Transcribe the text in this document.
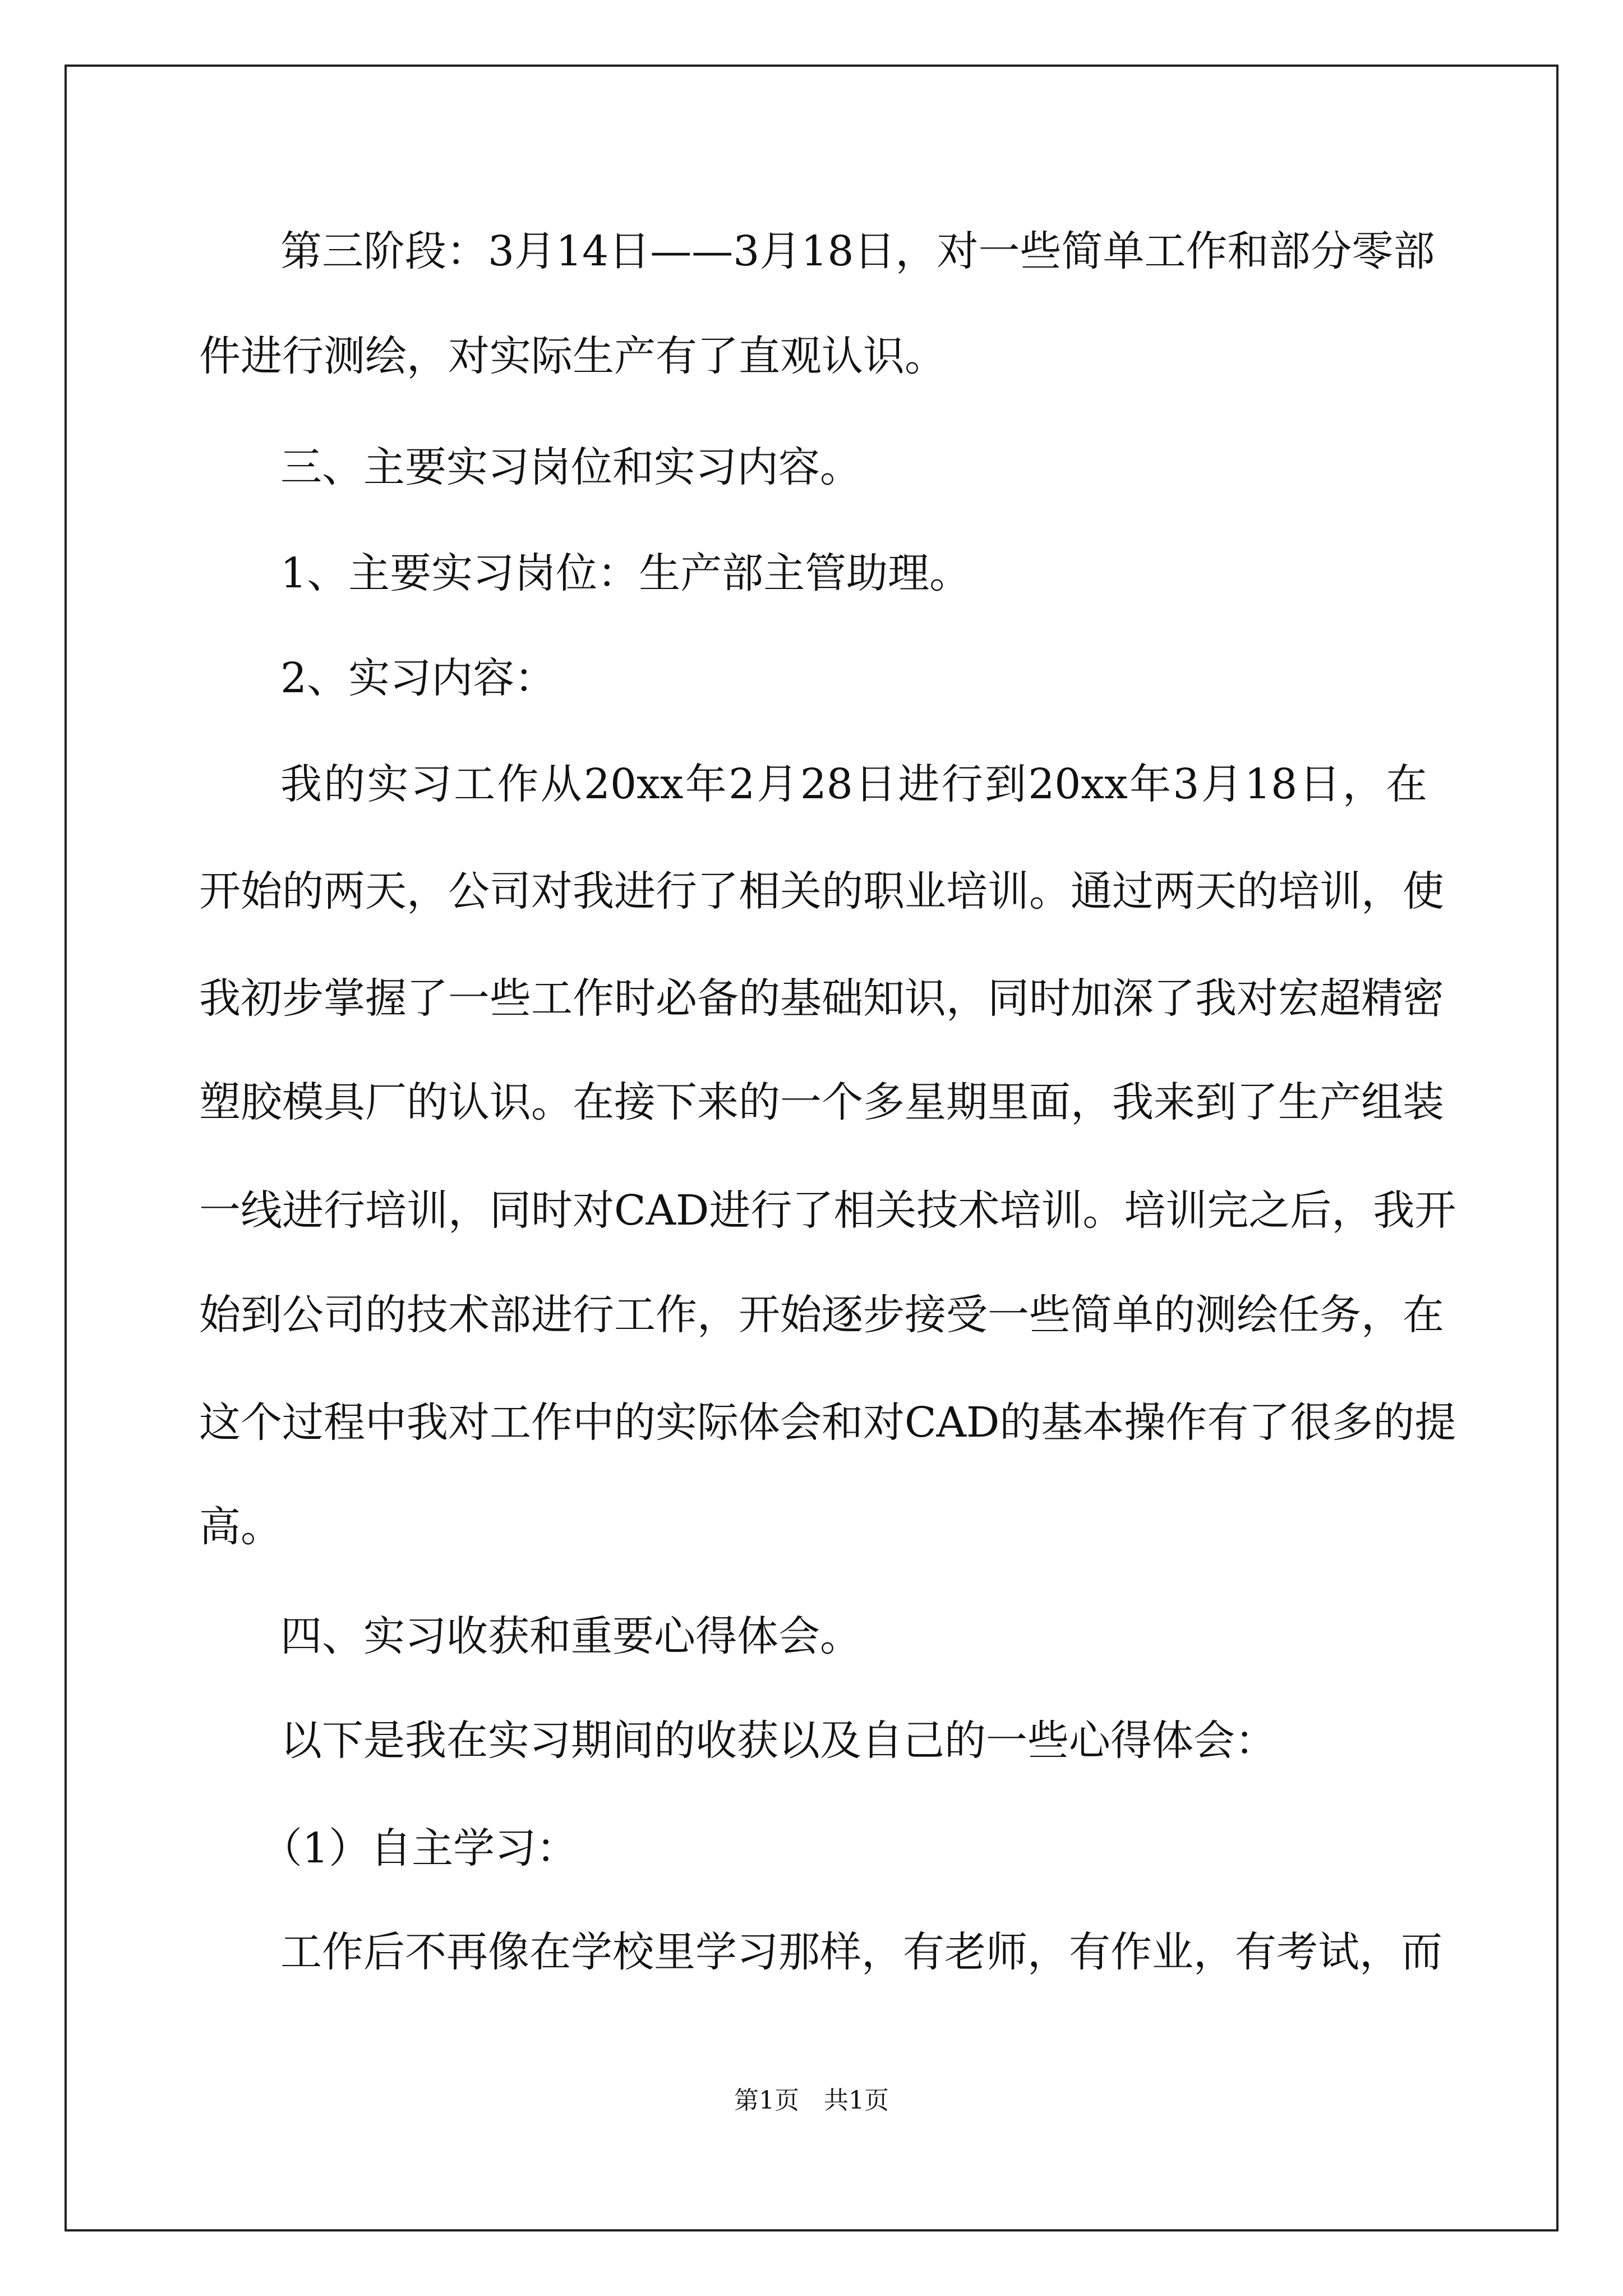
第三阶段：3月14日——3月18日，对一些简单工作和部分零部
件进行测绘，对实际生产有了直观认识。
三、主要实习岗位和实习内容。
1、主要实习岗位：生产部主管助理。
2、实习内容：
我的实习工作从20xx年2月28日进行到20xx年3月18日，在
开始的两天，公司对我进行了相关的职业培训。通过两天的培训，使
我初步掌握了一些工作时必备的基础知识，同时加深了我对宏超精密
塑胶模具厂的认识。在接下来的一个多星期里面，我来到了生产组装
一线进行培训，同时对CAD进行了相关技术培训。培训完之后，我开
始到公司的技术部进行工作，开始逐步接受一些简单的测绘任务，在
这个过程中我对工作中的实际体会和对CAD的基本操作有了很多的提
高。
四、实习收获和重要心得体会。
以下是我在实习期间的收获以及自己的一些心得体会：
（1）自主学习：
工作后不再像在学校里学习那样，有老师，有作业，有考试，而
第1页　共1页
